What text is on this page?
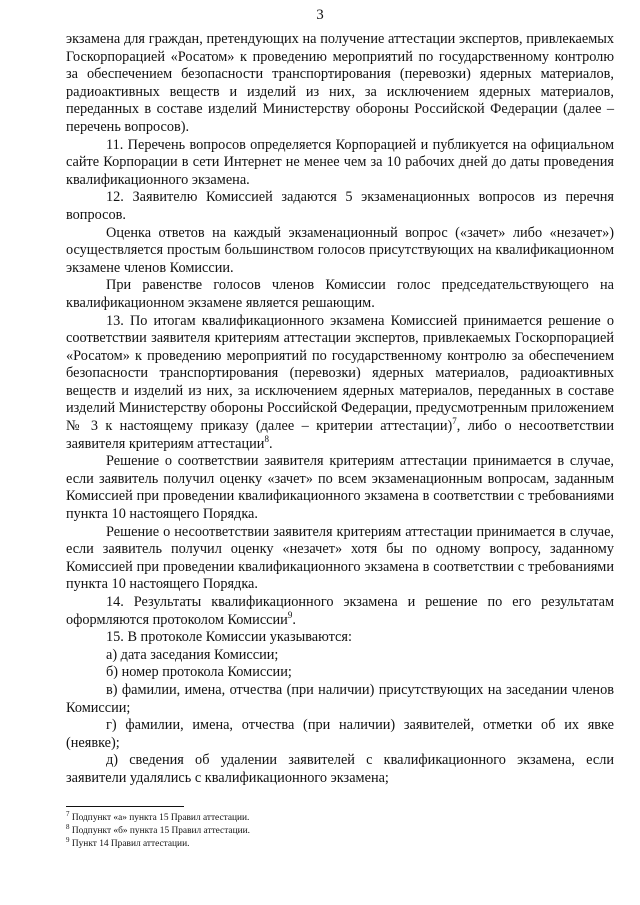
3

экзамена для граждан, претендующих на получение аттестации экспертов, привлекаемых Госкорпорацией «Росатом» к проведению мероприятий по государственному контролю за обеспечением безопасности транспортирования (перевозки) ядерных материалов, радиоактивных веществ и изделий из них, за исключением ядерных материалов, переданных в составе изделий Министерству обороны Российской Федерации (далее – перечень вопросов).

11. Перечень вопросов определяется Корпорацией и публикуется на официальном сайте Корпорации в сети Интернет не менее чем за 10 рабочих дней до даты проведения квалификационного экзамена.

12. Заявителю Комиссией задаются 5 экзаменационных вопросов из перечня вопросов.

Оценка ответов на каждый экзаменационный вопрос («зачет» либо «незачет») осуществляется простым большинством голосов присутствующих на квалификационном экзамене членов Комиссии.

При равенстве голосов членов Комиссии голос председательствующего на квалификационном экзамене является решающим.

13. По итогам квалификационного экзамена Комиссией принимается решение о соответствии заявителя критериям аттестации экспертов, привлекаемых Госкорпорацией «Росатом» к проведению мероприятий по государственному контролю за обеспечением безопасности транспортирования (перевозки) ядерных материалов, радиоактивных веществ и изделий из них, за исключением ядерных материалов, переданных в составе изделий Министерству обороны Российской Федерации, предусмотренным приложением № 3 к настоящему приказу (далее – критерии аттестации)$^7$, либо о несоответствии заявителя критериям аттестации$^8$.

Решение о соответствии заявителя критериям аттестации принимается в случае, если заявитель получил оценку «зачет» по всем экзаменационным вопросам, заданным Комиссией при проведении квалификационного экзамена в соответствии с требованиями пункта 10 настоящего Порядка.

Решение о несоответствии заявителя критериям аттестации принимается в случае, если заявитель получил оценку «незачет» хотя бы по одному вопросу, заданному Комиссией при проведении квалификационного экзамена в соответствии с требованиями пункта 10 настоящего Порядка.

14. Результаты квалификационного экзамена и решение по его результатам оформляются протоколом Комиссии$^9$.

15. В протоколе Комиссии указываются:

а) дата заседания Комиссии;

б) номер протокола Комиссии;

в) фамилии, имена, отчества (при наличии) присутствующих на заседании членов Комиссии;

г) фамилии, имена, отчества (при наличии) заявителей, отметки об их явке (неявке);

д) сведения об удалении заявителей с квалификационного экзамена, если заявители удалялись с квалификационного экзамена;

$^7$ Подпункт «а» пункта 15 Правил аттестации.

$^8$ Подпункт «б» пункта 15 Правил аттестации.

$^9$ Пункт 14 Правил аттестации.
